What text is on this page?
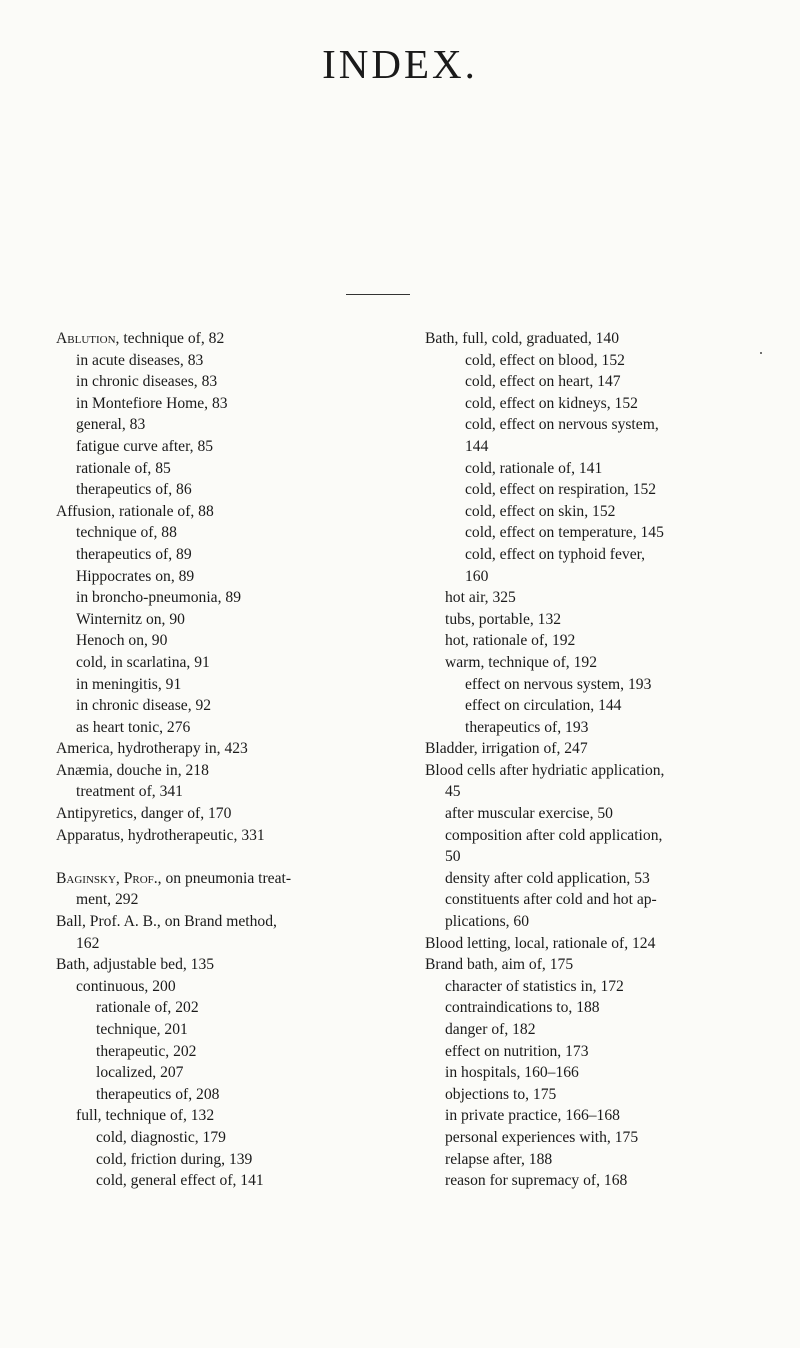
INDEX.
Ablution, technique of, 82
in acute diseases, 83
in chronic diseases, 83
in Montefiore Home, 83
general, 83
fatigue curve after, 85
rationale of, 85
therapeutics of, 86
Affusion, rationale of, 88
technique of, 88
therapeutics of, 89
Hippocrates on, 89
in broncho-pneumonia, 89
Winternitz on, 90
Henoch on, 90
cold, in scarlatina, 91
in meningitis, 91
in chronic disease, 92
as heart tonic, 276
America, hydrotherapy in, 423
Anæmia, douche in, 218
treatment of, 341
Antipyretics, danger of, 170
Apparatus, hydrotherapeutic, 331
Baginsky, Prof., on pneumonia treat-
ment, 292
Ball, Prof. A. B., on Brand method,
162
Bath, adjustable bed, 135
continuous, 200
rationale of, 202
technique, 201
therapeutic, 202
localized, 207
therapeutics of, 208
full, technique of, 132
cold, diagnostic, 179
cold, friction during, 139
cold, general effect of, 141
Bath, full, cold, graduated, 140
cold, effect on blood, 152
cold, effect on heart, 147
cold, effect on kidneys, 152
cold, effect on nervous system,
144
cold, rationale of, 141
cold, effect on respiration, 152
cold, effect on skin, 152
cold, effect on temperature, 145
cold, effect on typhoid fever,
160
hot air, 325
tubs, portable, 132
hot, rationale of, 192
warm, technique of, 192
effect on nervous system, 193
effect on circulation, 144
therapeutics of, 193
Bladder, irrigation of, 247
Blood cells after hydriatic application,
45
after muscular exercise, 50
composition after cold application,
50
density after cold application, 53
constituents after cold and hot ap-
plications, 60
Blood letting, local, rationale of, 124
Brand bath, aim of, 175
character of statistics in, 172
contraindications to, 188
danger of, 182
effect on nutrition, 173
in hospitals, 160–166
objections to, 175
in private practice, 166–168
personal experiences with, 175
relapse after, 188
reason for supremacy of, 168
